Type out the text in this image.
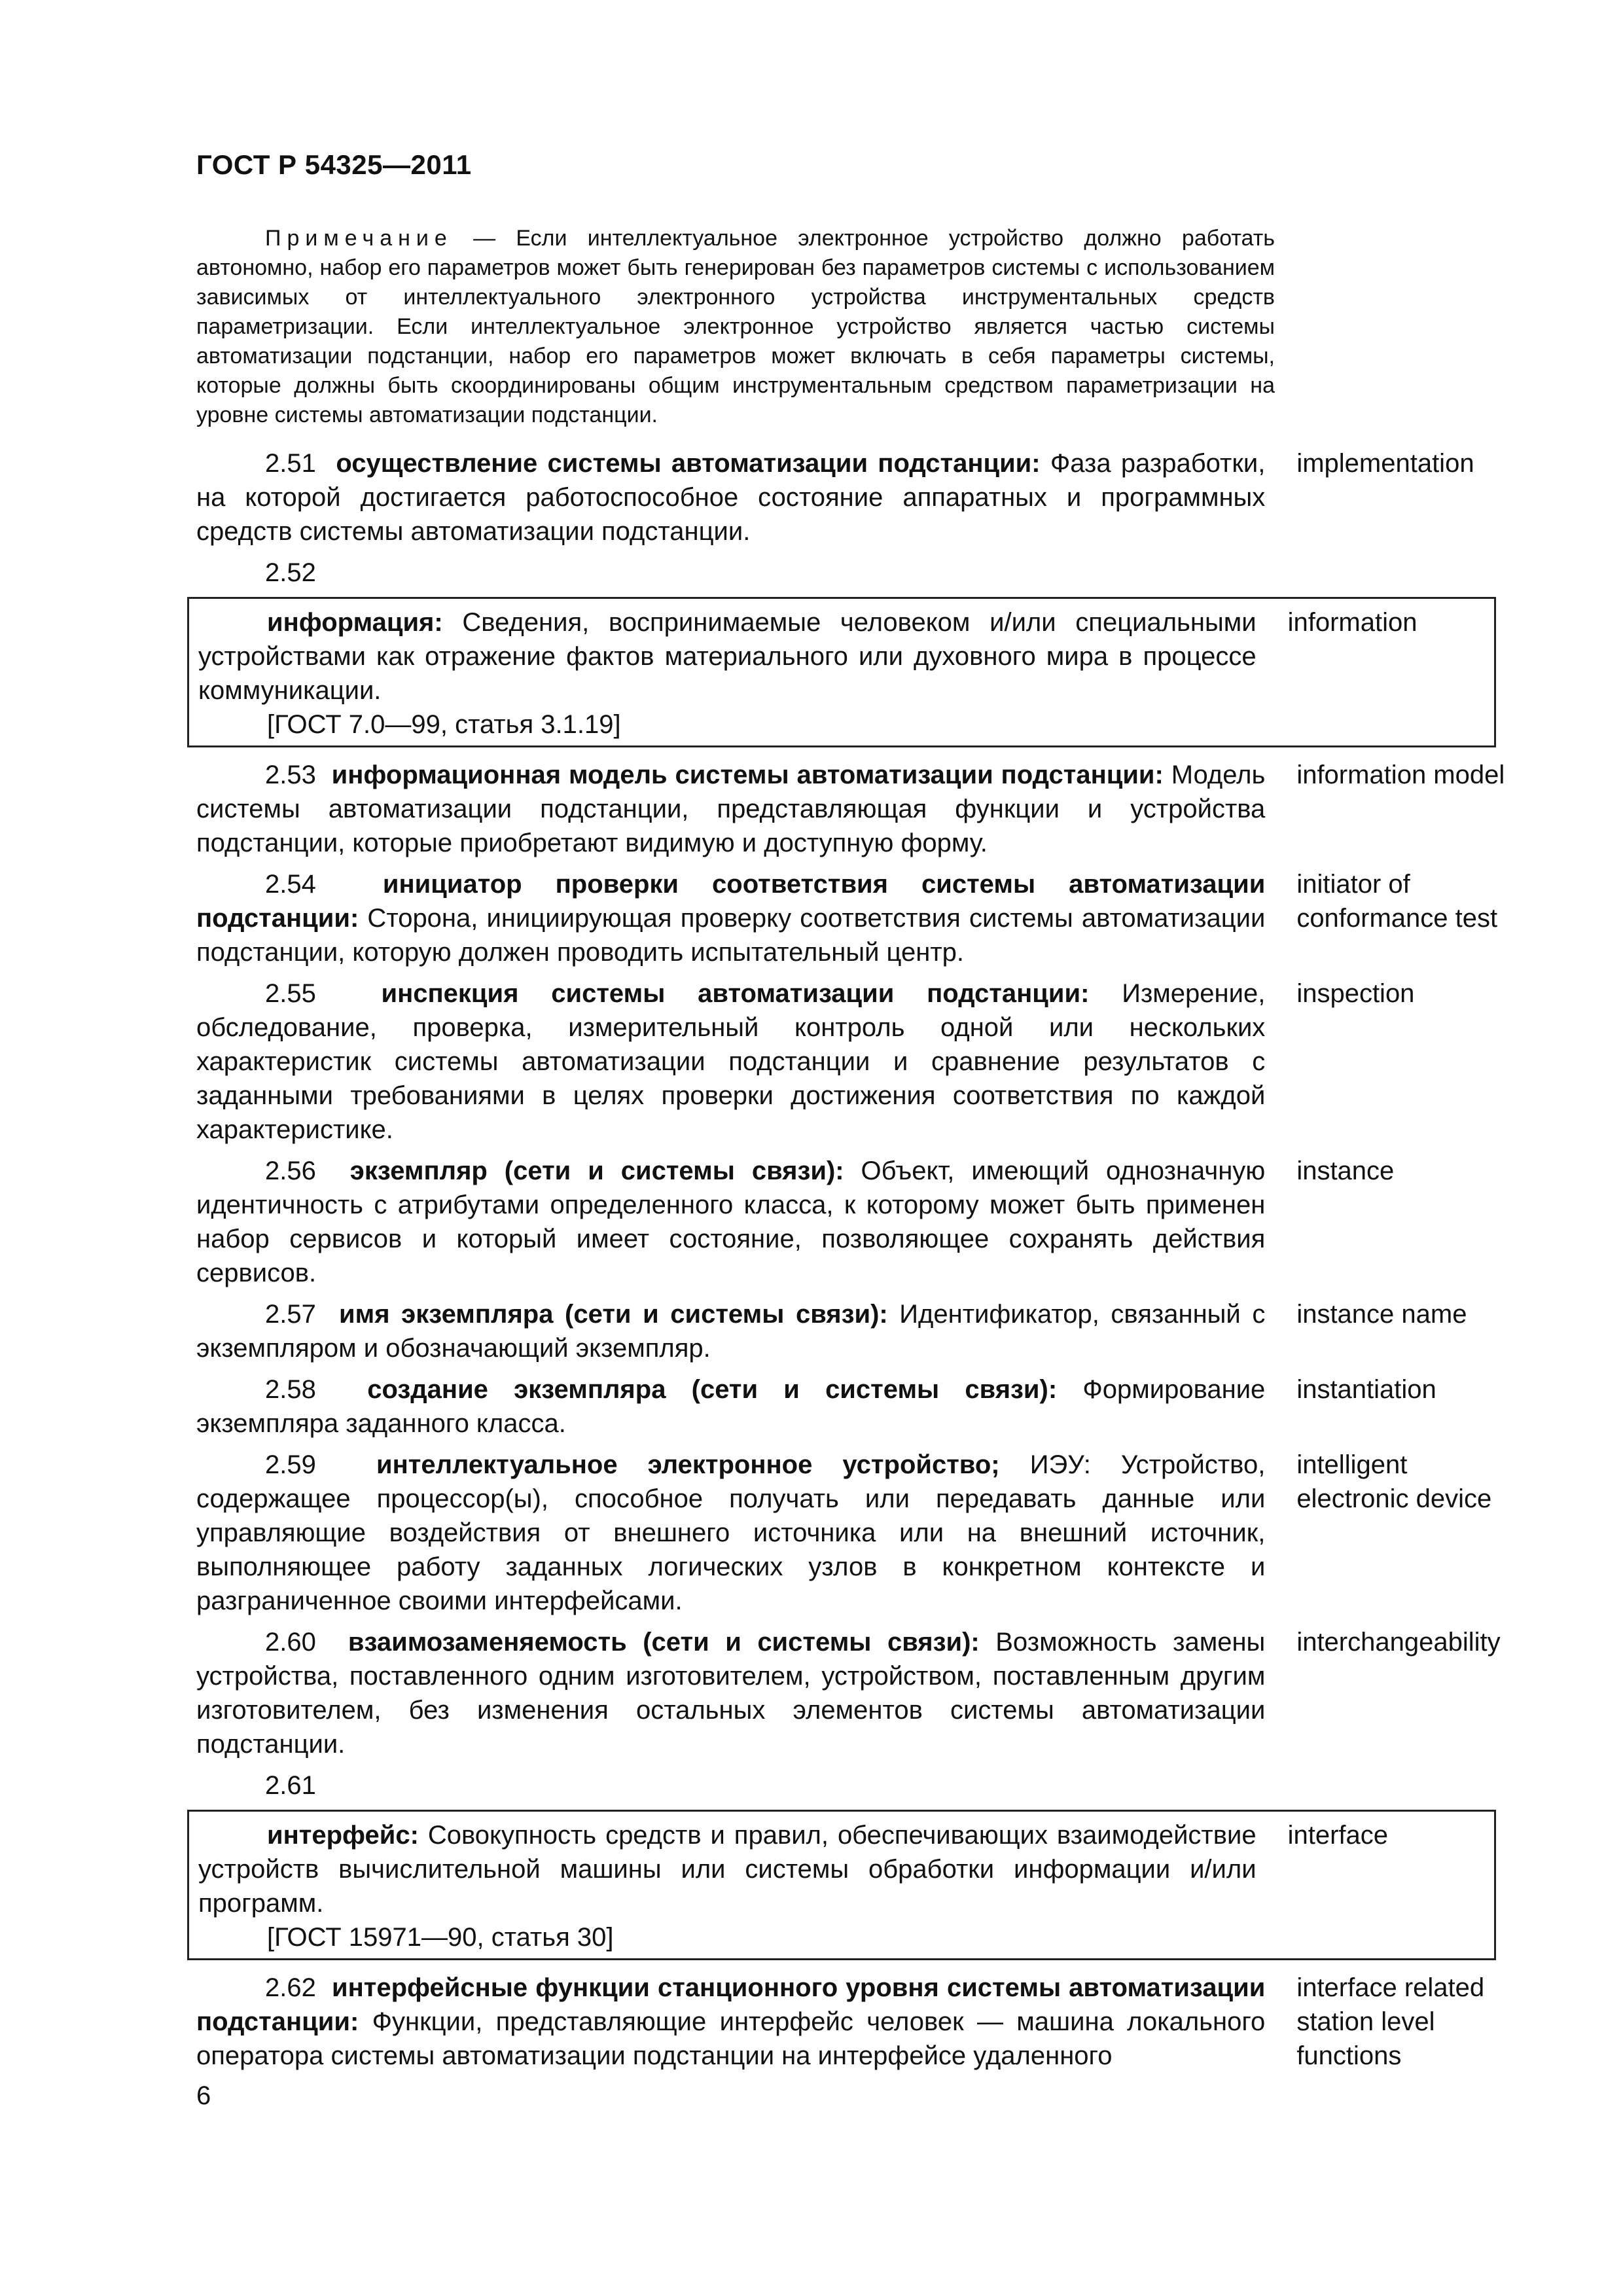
ГОСТ Р 54325—2011
Примечание — Если интеллектуальное электронное устройство должно работать автономно, набор его параметров может быть генерирован без параметров системы с использованием зависимых от интеллектуального электронного устройства инструментальных средств параметризации. Если интеллектуальное электронное устройство является частью системы автоматизации подстанции, набор его параметров может включать в себя параметры системы, которые должны быть скоординированы общим инструментальным средством параметризации на уровне системы автоматизации подстанции.
2.51 осуществление системы автоматизации подстанции: Фаза разработки, на которой достигается работоспособное состояние аппаратных и программных средств системы автоматизации подстанции.
implementation
2.52
информация: Сведения, воспринимаемые человеком и/или специальными устройствами как отражение фактов материального или духовного мира в процессе коммуникации.
information
[ГОСТ 7.0—99, статья 3.1.19]
2.53 информационная модель системы автоматизации подстанции: Модель системы автоматизации подстанции, представляющая функции и устройства подстанции, которые приобретают видимую и доступную форму.
information model
2.54	инициатор проверки соответствия системы автоматизации подстанции: Сторона, инициирующая проверку соответствия системы автоматизации подстанции, которую должен проводить испытательный центр.
initiator of conformance test
2.55 инспекция системы автоматизации подстанции: Измерение, обследование, проверка, измерительный контроль одной или нескольких характеристик системы автоматизации подстанции и сравнение результатов с заданными требованиями в целях проверки достижения соответствия по каждой характеристике.
inspection
2.56 экземпляр (сети и системы связи): Объект, имеющий однозначную идентичность с атрибутами определенного класса, к которому может быть применен набор сервисов и который имеет состояние, позволяющее сохранять действия сервисов.
instance
2.57 имя экземпляра (сети и системы связи): Идентификатор, связанный с экземпляром и обозначающий экземпляр.
instance name
2.58 создание экземпляра (сети и системы связи): Формирование экземпляра заданного класса.
instantiation
2.59 интеллектуальное электронное устройство; ИЭУ: Устройство, содержащее процессор(ы), способное получать или передавать данные или управляющие воздействия от внешнего источника или на внешний источник, выполняющее работу заданных логических узлов в конкретном контексте и разграниченное своими интерфейсами.
intelligent electronic device
2.60 взаимозаменяемость (сети и системы связи): Возможность замены устройства, поставленного одним изготовителем, устройством, поставленным другим изготовителем, без изменения остальных элементов системы автоматизации подстанции.
interchangeability
2.61
интерфейс: Совокупность средств и правил, обеспечивающих взаимодействие устройств вычислительной машины или системы обработки информации и/или программ.
interface
[ГОСТ 15971—90, статья 30]
2.62 интерфейсные функции станционного уровня системы автоматизации подстанции: Функции, представляющие интерфейс человек — машина локального оператора системы автоматизации подстанции на интерфейсе удаленного
interface related station level functions
6
